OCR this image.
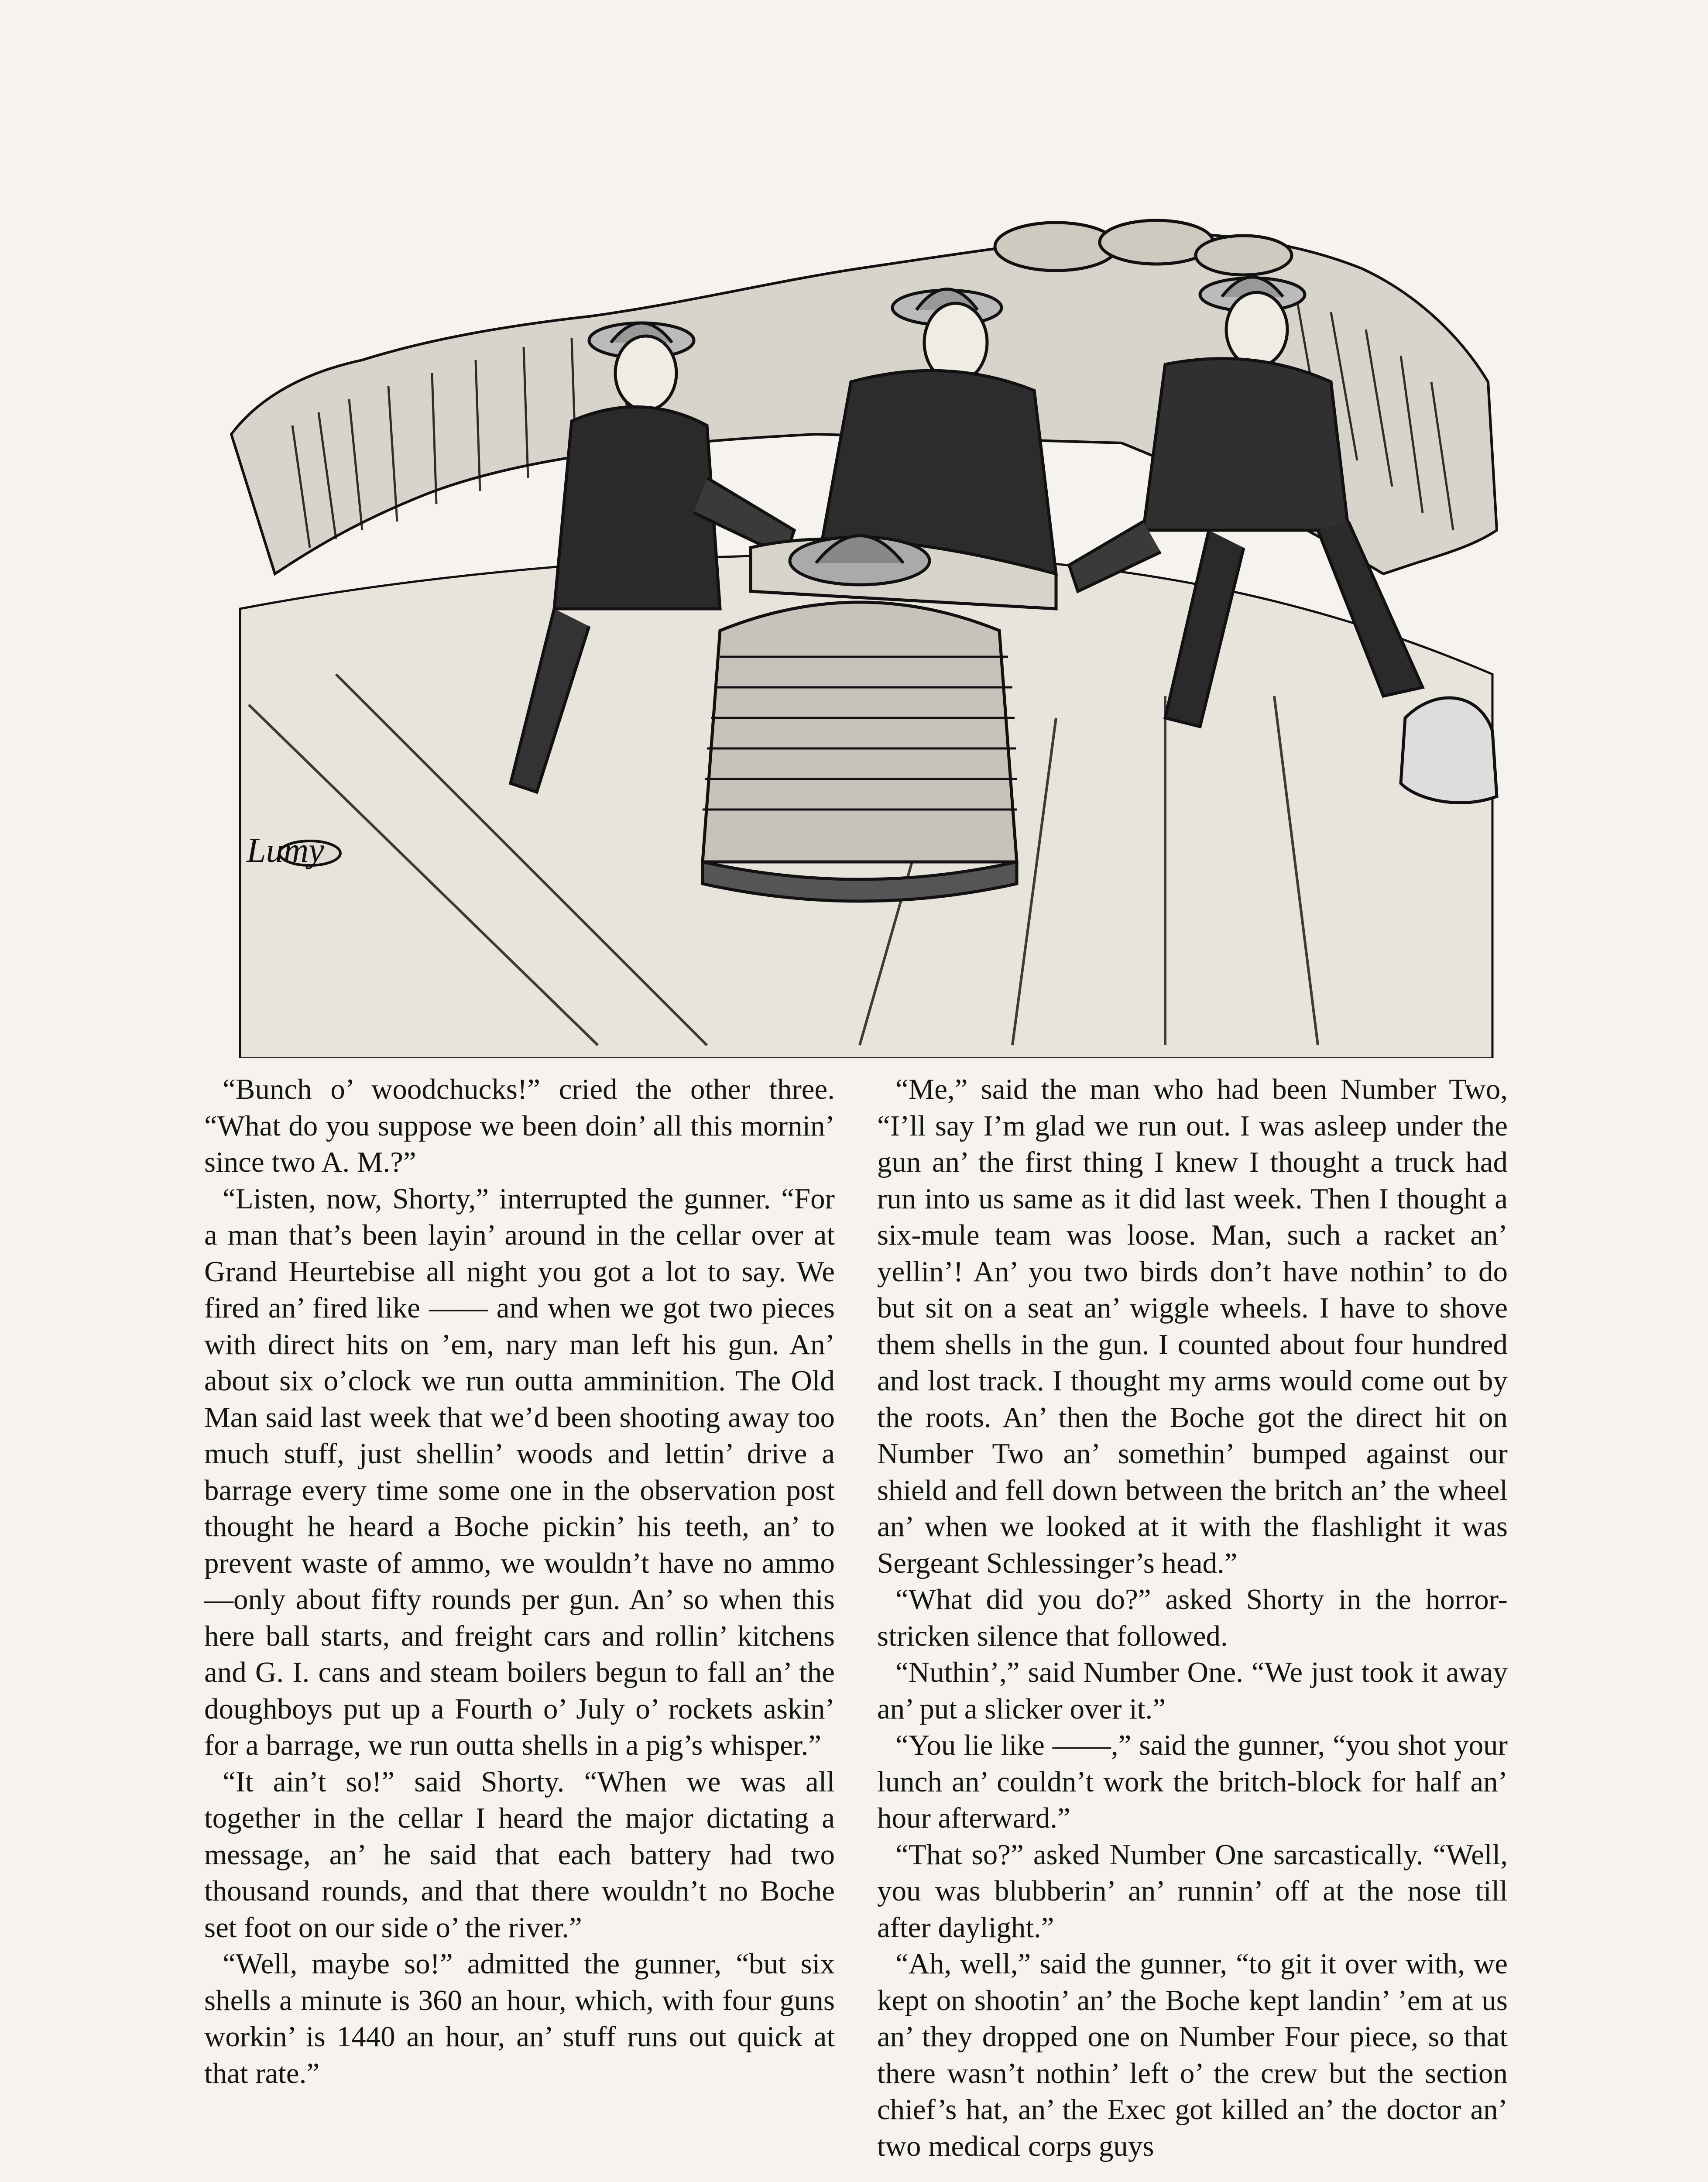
Lumy

“Bunch o’ woodchucks!” cried the other three. “What do you suppose we been doin’ all this mornin’ since two A. M.?”

“Listen, now, Shorty,” interrupted the gunner. “For a man that’s been layin’ around in the cellar over at Grand Heurtebise all night you got a lot to say. We fired an’ fired like —— and when we got two pieces with direct hits on ’em, nary man left his gun. An’ about six o’clock we run outta amminition. The Old Man said last week that we’d been shooting away too much stuff, just shellin’ woods and lettin’ drive a barrage every time some one in the observation post thought he heard a Boche pickin’ his teeth, an’ to prevent waste of ammo, we wouldn’t have no ammo—only about fifty rounds per gun. An’ so when this here ball starts, and freight cars and rollin’ kitchens and G. I. cans and steam boilers begun to fall an’ the doughboys put up a Fourth o’ July o’ rockets askin’ for a barrage, we run outta shells in a pig’s whisper.”

“It ain’t so!” said Shorty. “When we was all together in the cellar I heard the major dictating a message, an’ he said that each battery had two thousand rounds, and that there wouldn’t no Boche set foot on our side o’ the river.”

“Well, maybe so!” admitted the gunner, “but six shells a minute is 360 an hour, which, with four guns workin’ is 1440 an hour, an’ stuff runs out quick at that rate.”

“Me,” said the man who had been Number Two, “I’ll say I’m glad we run out. I was asleep under the gun an’ the first thing I knew I thought a truck had run into us same as it did last week. Then I thought a six-mule team was loose. Man, such a racket an’ yellin’! An’ you two birds don’t have nothin’ to do but sit on a seat an’ wiggle wheels. I have to shove them shells in the gun. I counted about four hundred and lost track. I thought my arms would come out by the roots. An’ then the Boche got the direct hit on Number Two an’ somethin’ bumped against our shield and fell down between the britch an’ the wheel an’ when we looked at it with the flashlight it was Sergeant Schlessinger’s head.”

“What did you do?” asked Shorty in the horror-stricken silence that followed.

“Nuthin’,” said Number One. “We just took it away an’ put a slicker over it.”

“You lie like ——,” said the gunner, “you shot your lunch an’ couldn’t work the britch-block for half an’ hour afterward.”

“That so?” asked Number One sarcastically. “Well, you was blubberin’ an’ runnin’ off at the nose till after daylight.”

“Ah, well,” said the gunner, “to git it over with, we kept on shootin’ an’ the Boche kept landin’ ’em at us an’ they dropped one on Number Four piece, so that there wasn’t nothin’ left o’ the crew but the section chief’s hat, an’ the Exec got killed an’ the doctor an’ two medical corps guys
